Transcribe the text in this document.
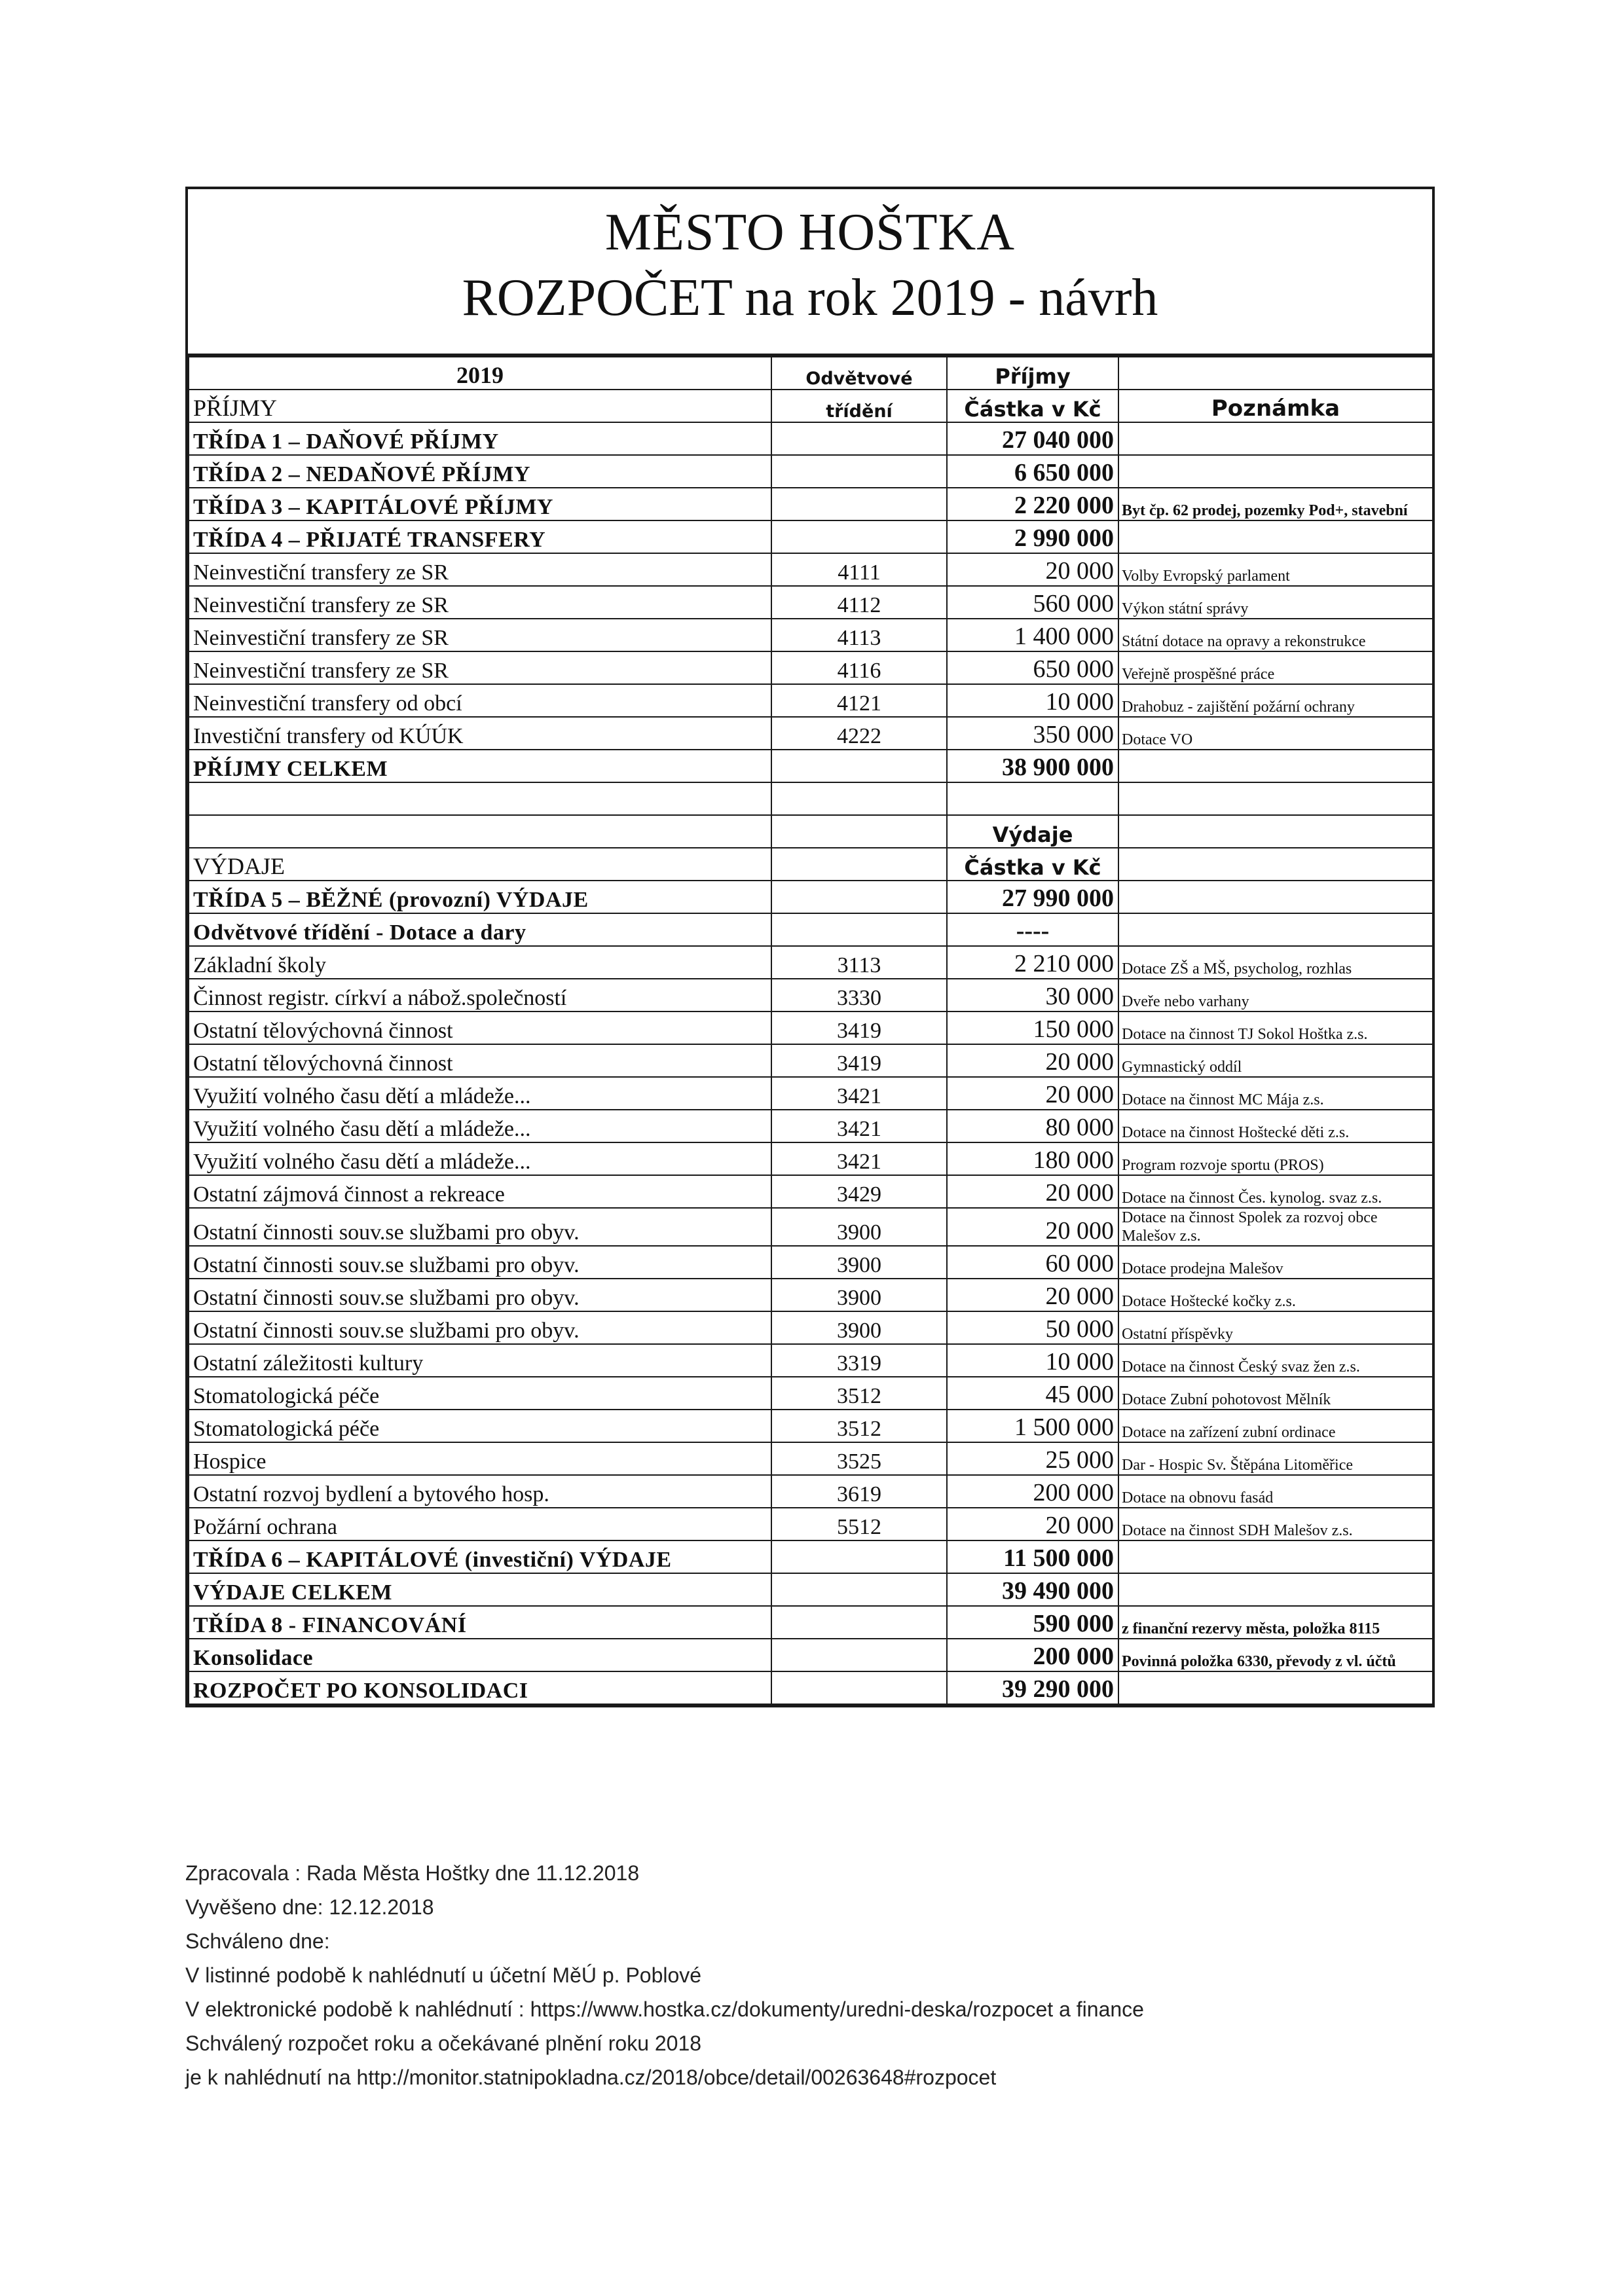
MĚSTO HOŠTKA
ROZPOČET na rok 2019 - návrh
2019	Odvětvové	Příjmy	
PŘÍJMY	třídění	Částka v Kč	Poznámka
TŘÍDA 1 – DAŇOVÉ PŘÍJMY		27 040 000	
TŘÍDA 2 – NEDAŇOVÉ PŘÍJMY		6 650 000	
TŘÍDA 3 – KAPITÁLOVÉ PŘÍJMY		2 220 000	Byt čp. 62 prodej, pozemky Pod+, stavební
TŘÍDA 4 – PŘIJATÉ TRANSFERY		2 990 000	
Neinvestiční transfery ze SR	4111	20 000	Volby Evropský parlament
Neinvestiční transfery ze SR	4112	560 000	Výkon státní správy
Neinvestiční transfery ze SR	4113	1 400 000	Státní dotace na opravy a rekonstrukce
Neinvestiční transfery ze SR	4116	650 000	Veřejně prospěšné práce
Neinvestiční transfery od obcí	4121	10 000	Drahobuz - zajištění požární ochrany
Investiční transfery od KÚÚK	4222	350 000	Dotace VO
PŘÍJMY CELKEM		38 900 000	

		Výdaje	
VÝDAJE		Částka v Kč	
TŘÍDA 5 – BĚŽNÉ (provozní) VÝDAJE		27 990 000	
Odvětvové třídění - Dotace a dary		----	
Základní školy	3113	2 210 000	Dotace ZŠ a MŠ, psycholog, rozhlas
Činnost registr. církví a nábož.společností	3330	30 000	Dveře nebo varhany
Ostatní tělovýchovná činnost	3419	150 000	Dotace na činnost TJ Sokol Hoštka z.s.
Ostatní tělovýchovná činnost	3419	20 000	Gymnastický oddíl
Využití volného času dětí a mládeže...	3421	20 000	Dotace na činnost MC Mája z.s.
Využití volného času dětí a mládeže...	3421	80 000	Dotace na činnost Hoštecké děti z.s.
Využití volného času dětí a mládeže...	3421	180 000	Program rozvoje sportu (PROS)
Ostatní zájmová činnost a rekreace	3429	20 000	Dotace na činnost Čes. kynolog. svaz z.s.
Ostatní činnosti souv.se službami pro obyv.	3900	20 000	Dotace na činnost Spolek za rozvoj obce Malešov z.s.
Ostatní činnosti souv.se službami pro obyv.	3900	60 000	Dotace prodejna Malešov
Ostatní činnosti souv.se službami pro obyv.	3900	20 000	Dotace Hoštecké kočky z.s.
Ostatní činnosti souv.se službami pro obyv.	3900	50 000	Ostatní příspěvky
Ostatní záležitosti kultury	3319	10 000	Dotace na činnost Český svaz žen z.s.
Stomatologická péče	3512	45 000	Dotace Zubní pohotovost Mělník
Stomatologická péče	3512	1 500 000	Dotace na zařízení zubní ordinace
Hospice	3525	25 000	Dar - Hospic Sv. Štěpána Litoměřice
Ostatní rozvoj bydlení a bytového hosp.	3619	200 000	Dotace na obnovu fasád
Požární ochrana	5512	20 000	Dotace na činnost SDH Malešov z.s.
TŘÍDA 6 – KAPITÁLOVÉ (investiční) VÝDAJE		11 500 000	
VÝDAJE CELKEM		39 490 000	
TŘÍDA 8 - FINANCOVÁNÍ		590 000	z finanční rezervy města, položka 8115
Konsolidace		200 000	Povinná položka 6330, převody z vl. účtů
ROZPOČET PO KONSOLIDACI		39 290 000	
Zpracovala : Rada Města Hoštky dne 11.12.2018
Vyvěšeno dne: 12.12.2018
Schváleno dne:
V listinné podobě k nahlédnutí u účetní MěÚ p. Poblové
V elektronické podobě k nahlédnutí : https://www.hostka.cz/dokumenty/uredni-deska/rozpocet a finance
Schválený rozpočet roku a očekávané plnění roku 2018
je k nahlédnutí na http://monitor.statnipokladna.cz/2018/obce/detail/00263648#rozpocet
